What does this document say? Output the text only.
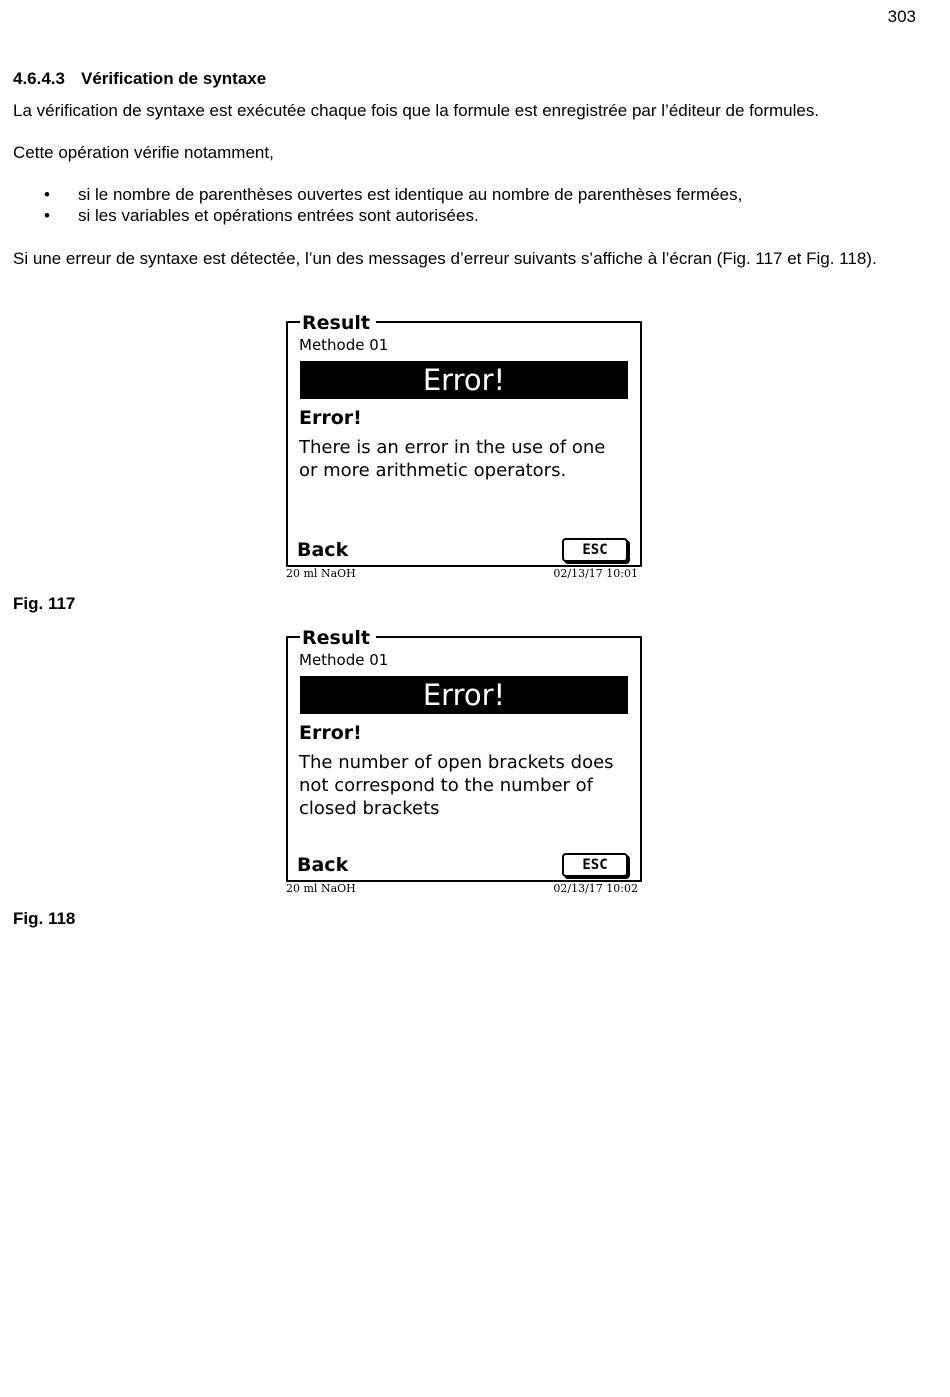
303
4.6.4.3 Vérification de syntaxe

La vérification de syntaxe est exécutée chaque fois que la formule est enregistrée par l’éditeur de formules.

Cette opération vérifie notamment,

• si le nombre de parenthèses ouvertes est identique au nombre de parenthèses fermées,
• si les variables et opérations entrées sont autorisées.

Si une erreur de syntaxe est détectée, l’un des messages d’erreur suivants s’affiche à l’écran (Fig. 117 et Fig. 118).

Result
Methode 01
Error!
Error!
There is an error in the use of one or more arithmetic operators.
Back	ESC
20 ml NaOH	02/13/17 10:01
Fig. 117
Result
Methode 01
Error!
Error!
The number of open brackets does not correspond to the number of closed brackets
Back	ESC
20 ml NaOH	02/13/17 10:02
Fig. 118
